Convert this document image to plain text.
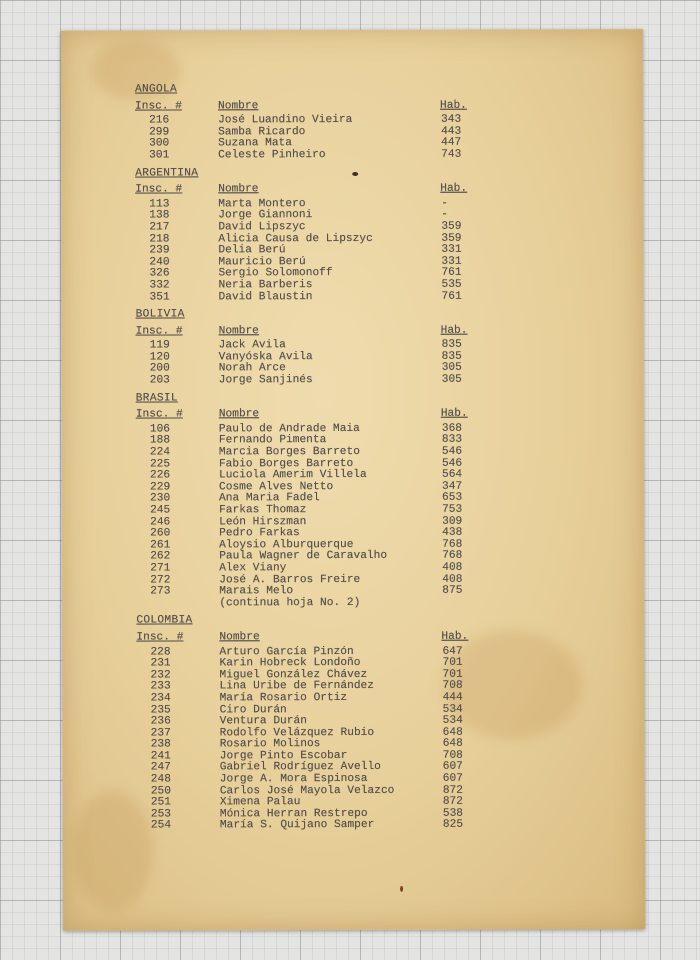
ANGOLA
Insc. #	Nombre	Hab.
216	José Luandino Vieira	343
299	Samba Ricardo	443
300	Suzana Mata	447
301	Celeste Pinheiro	743
ARGENTINA
Insc. #	Nombre	Hab.
113	Marta Montero	-
138	Jorge Giannoni	-
217	David Lipszyc	359
218	Alicia Causa de Lipszyc	359
239	Delia Berú	331
240	Mauricio Berú	331
326	Sergio Solomonoff	761
332	Neria Barberis	535
351	David Blaustin	761
BOLIVIA
Insc. #	Nombre	Hab.
119	Jack Avila	835
120	Vanyóska Avila	835
200	Norah Arce	305
203	Jorge Sanjinés	305
BRASIL
Insc. #	Nombre	Hab.
106	Paulo de Andrade Maia	368
188	Fernando Pimenta	833
224	Marcia Borges Barreto	546
225	Fabio Borges Barreto	546
226	Luciola Amerim Villela	564
229	Cosme Alves Netto	347
230	Ana Maria Fadel	653
245	Farkas Thomaz	753
246	León Hirszman	309
260	Pedro Farkas	438
261	Aloysio Alburquerque	768
262	Paula Wagner de Caravalho	768
271	Alex Viany	408
272	José A. Barros Freire	408
273	Marais Melo	875
(continua hoja No. 2)
COLOMBIA
Insc. #	Nombre	Hab.
228	Arturo García Pinzón	647
231	Karin Hobreck Londoño	701
232	Miguel González Chávez	701
233	Lina Uribe de Fernández	708
234	María Rosario Ortiz	444
235	Ciro Durán	534
236	Ventura Durán	534
237	Rodolfo Velázquez Rubio	648
238	Rosario Molinos	648
241	Jorge Pinto Escobar	708
247	Gabriel Rodríguez Avello	607
248	Jorge A. Mora Espinosa	607
250	Carlos José Mayola Velazco	872
251	Ximena Palau	872
253	Mónica Herran Restrepo	538
254	María S. Quijano Samper	825
